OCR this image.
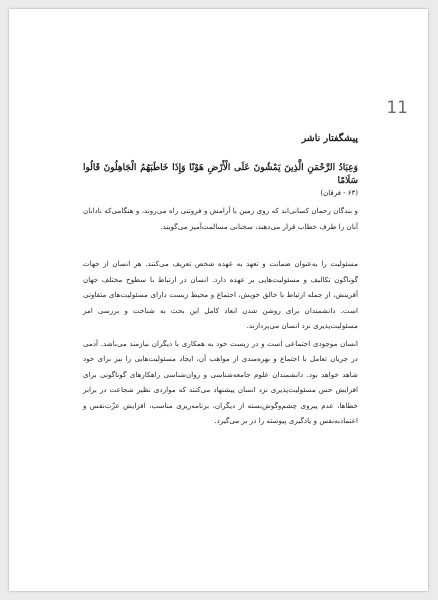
11

پیشگفتار ناشر

وَعِبَادُ الرَّحْمَنِ الَّذِينَ يَمْشُونَ عَلَى الْأَرْضِ هَوْنًا وَإِذَا خَاطَبَهُمُ الْجَاهِلُونَ قَالُوا سَلَامًا

(۶۳ - فرقان)

و بندگان رحمان کسانی‌اند که روی زمین با آرامش و فروتنی راه می‌روند، و هنگامی‌که نادانان آنان را طرف خطاب قرار می‌دهند، سخنانی مسالمت‌آمیز می‌گویند.

مسئولیت را به‌عنوان ضمانت و تعهد به عهده شخص تعریف می‌کنند. هر انسان از جهات گوناگون تکالیف و مسئولیت‌هایی بر عهده دارد. انسان در ارتباط با سطوح مختلف جهان آفرینش، از جمله ارتباط با خالق خویش، اجتماع و محیط زیست دارای مسئولیت‌های متفاوتی است. دانشمندان برای روشن شدن ابعاد کامل این بحث به شناخت و بررسی امر مسئولیت‌پذیری نزد انسان می‌پردازند.

انسان موجودی اجتماعی است و در زیست خود به همکاری با دیگران نیازمند می‌باشد. آدمی در جریان تعامل با اجتماع و بهره‌مندی از مواهب آن، ایجاد مسئولیت‌هایی را نیز برای خود شاهد خواهد بود. دانشمندان علوم جامعه‌شناسی و روان‌شناسی راهکارهای گوناگونی برای افزایش حس مسئولیت‌پذیری نزد انسان پیشنهاد می‌کنند که مواردی نظیر شجاعت در برابر خطاها، عدم پیروی چشم‌وگوش‌بسته از دیگران، برنامه‌ریزی مناسب، افزایش عزّت‌نفس و اعتمادبه‌نفس و یادگیری پیوسته را در بر می‌گیرد.
